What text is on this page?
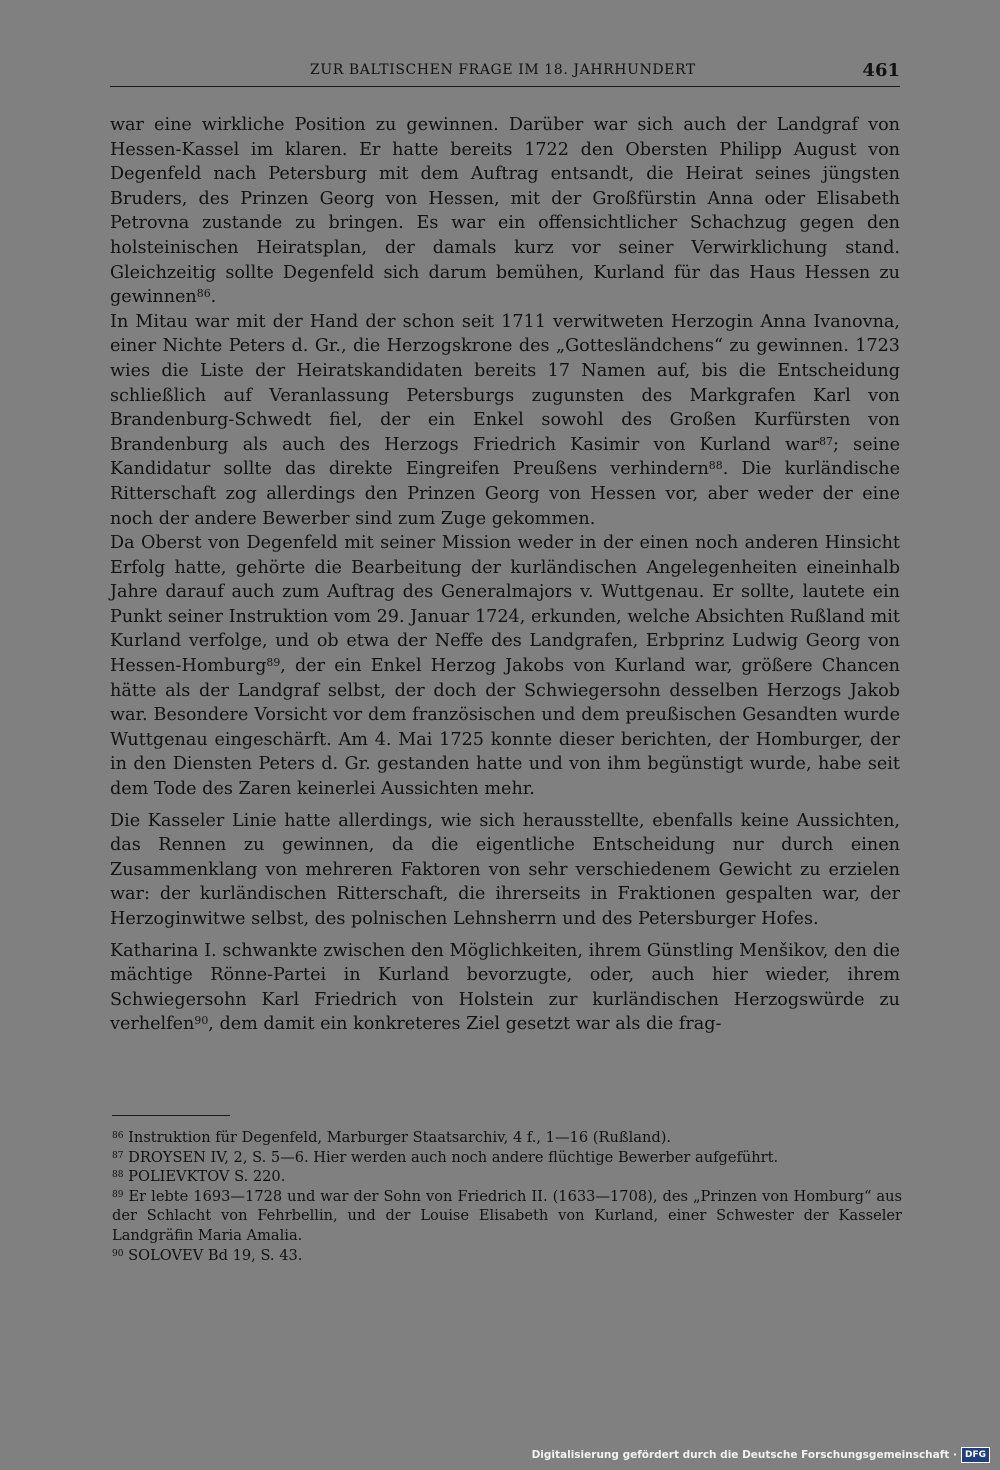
ZUR BALTISCHEN FRAGE IM 18. JAHRHUNDERT	461

war eine wirkliche Position zu gewinnen. Darüber war sich auch der Landgraf von Hessen-Kassel im klaren. Er hatte bereits 1722 den Obersten Philipp August von Degenfeld nach Petersburg mit dem Auftrag entsandt, die Heirat seines jüngsten Bruders, des Prinzen Georg von Hessen, mit der Großfürstin Anna oder Elisabeth Petrovna zustande zu bringen. Es war ein offensichtlicher Schachzug gegen den holsteinischen Heiratsplan, der damals kurz vor seiner Verwirklichung stand. Gleichzeitig sollte Degenfeld sich darum bemühen, Kurland für das Haus Hessen zu gewinnen$^{86}$.

In Mitau war mit der Hand der schon seit 1711 verwitweten Herzogin Anna Ivanovna, einer Nichte Peters d. Gr., die Herzogskrone des „Gottesländchens“ zu gewinnen. 1723 wies die Liste der Heiratskandidaten bereits 17 Namen auf, bis die Entscheidung schließlich auf Veranlassung Petersburgs zugunsten des Markgrafen Karl von Brandenburg-Schwedt fiel, der ein Enkel sowohl des Großen Kurfürsten von Brandenburg als auch des Herzogs Friedrich Kasimir von Kurland war$^{87}$; seine Kandidatur sollte das direkte Eingreifen Preußens verhindern$^{88}$. Die kurländische Ritterschaft zog allerdings den Prinzen Georg von Hessen vor, aber weder der eine noch der andere Bewerber sind zum Zuge gekommen.

Da Oberst von Degenfeld mit seiner Mission weder in der einen noch anderen Hinsicht Erfolg hatte, gehörte die Bearbeitung der kurländischen Angelegenheiten eineinhalb Jahre darauf auch zum Auftrag des Generalmajors v. Wuttgenau. Er sollte, lautete ein Punkt seiner Instruktion vom 29. Januar 1724, erkunden, welche Absichten Rußland mit Kurland verfolge, und ob etwa der Neffe des Landgrafen, Erbprinz Ludwig Georg von Hessen-Homburg$^{89}$, der ein Enkel Herzog Jakobs von Kurland war, größere Chancen hätte als der Landgraf selbst, der doch der Schwiegersohn desselben Herzogs Jakob war. Besondere Vorsicht vor dem französischen und dem preußischen Gesandten wurde Wuttgenau eingeschärft. Am 4. Mai 1725 konnte dieser berichten, der Homburger, der in den Diensten Peters d. Gr. gestanden hatte und von ihm begünstigt wurde, habe seit dem Tode des Zaren keinerlei Aussichten mehr.

Die Kasseler Linie hatte allerdings, wie sich herausstellte, ebenfalls keine Aussichten, das Rennen zu gewinnen, da die eigentliche Entscheidung nur durch einen Zusammenklang von mehreren Faktoren von sehr verschiedenem Gewicht zu erzielen war: der kurländischen Ritterschaft, die ihrerseits in Fraktionen gespalten war, der Herzoginwitwe selbst, des polnischen Lehnsherrn und des Petersburger Hofes.

Katharina I. schwankte zwischen den Möglichkeiten, ihrem Günstling Menšikov, den die mächtige Rönne-Partei in Kurland bevorzugte, oder, auch hier wieder, ihrem Schwiegersohn Karl Friedrich von Holstein zur kurländischen Herzogswürde zu verhelfen$^{90}$, dem damit ein konkreteres Ziel gesetzt war als die frag-

$^{86}$ Instruktion für Degenfeld, Marburger Staatsarchiv, 4 f., 1—16 (Rußland).

$^{87}$ DROYSEN IV, 2, S. 5—6. Hier werden auch noch andere flüchtige Bewerber aufgeführt.

$^{88}$ POLIEVKTOV S. 220.

$^{89}$ Er lebte 1693—1728 und war der Sohn von Friedrich II. (1633—1708), des „Prinzen von Homburg“ aus der Schlacht von Fehrbellin, und der Louise Elisabeth von Kurland, einer Schwester der Kasseler Landgräfin Maria Amalia.

$^{90}$ SOLOVEV Bd 19, S. 43.

Digitalisierung gefördert durch die Deutsche Forschungsgemeinschaft · DFG
